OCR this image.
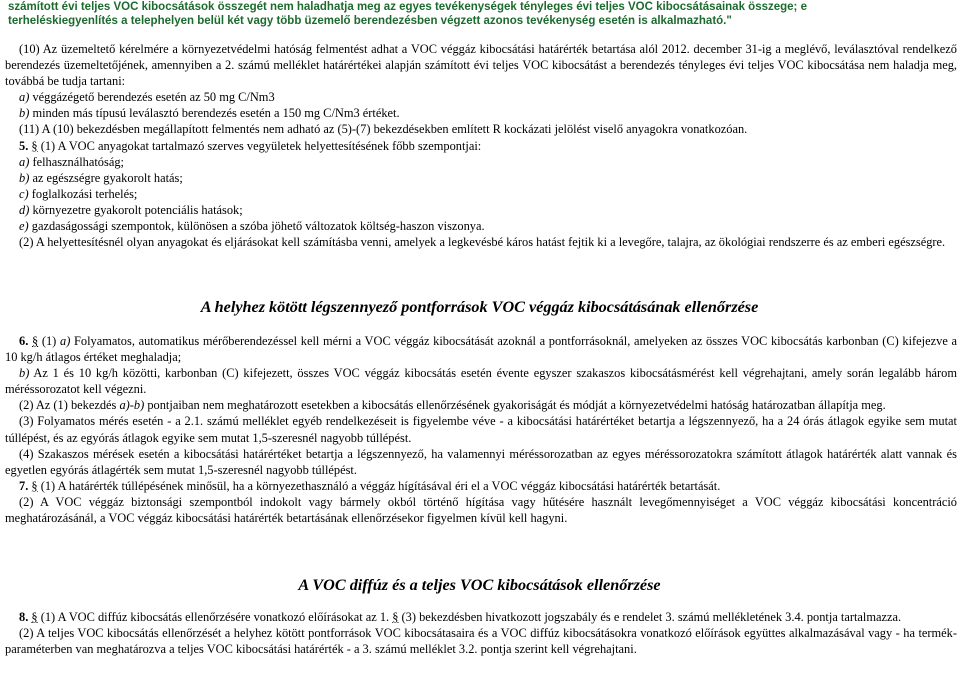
számított évi teljes VOC kibocsátások összegét nem haladhatja meg az egyes tevékenységek tényleges évi teljes VOC kibocsátásainak összege; e
terheléskiegyenlítés a telephelyen belül két vagy több üzemelő berendezésben végzett azonos tevékenység esetén is alkalmazható."

(10) Az üzemeltető kérelmére a környezetvédelmi hatóság felmentést adhat a VOC véggáz kibocsátási határérték betartása alól 2012. december 31-ig a meglévő, leválasztóval rendelkező berendezés üzemeltetőjének, amennyiben a 2. számú melléklet határértékei alapján számított évi teljes VOC kibocsátást a berendezés tényleges évi teljes VOC kibocsátása nem haladja meg, továbbá be tudja tartani:

a) véggázégető berendezés esetén az 50 mg C/Nm3

b) minden más típusú leválasztó berendezés esetén a 150 mg C/Nm3 értéket.

(11) A (10) bekezdésben megállapított felmentés nem adható az (5)-(7) bekezdésekben említett R kockázati jelölést viselő anyagokra vonatkozóan.

5. § (1) A VOC anyagokat tartalmazó szerves vegyületek helyettesítésének főbb szempontjai:

a) felhasználhatóság;

b) az egészségre gyakorolt hatás;

c) foglalkozási terhelés;

d) környezetre gyakorolt potenciális hatások;

e) gazdaságossági szempontok, különösen a szóba jöhető változatok költség-haszon viszonya.

(2) A helyettesítésnél olyan anyagokat és eljárásokat kell számításba venni, amelyek a legkevésbé káros hatást fejtik ki a levegőre, talajra, az ökológiai rendszerre és az emberi egészségre.

A helyhez kötött légszennyező pontforrások VOC véggáz kibocsátásának ellenőrzése

6. § (1) a) Folyamatos, automatikus mérőberendezéssel kell mérni a VOC véggáz kibocsátását azoknál a pontforrásoknál, amelyeken az összes VOC kibocsátás karbonban (C) kifejezve a 10 kg/h átlagos értéket meghaladja;

b) Az 1 és 10 kg/h közötti, karbonban (C) kifejezett, összes VOC véggáz kibocsátás esetén évente egyszer szakaszos kibocsátásmérést kell végrehajtani, amely során legalább három méréssorozatot kell végezni.

(2) Az (1) bekezdés a)-b) pontjaiban nem meghatározott esetekben a kibocsátás ellenőrzésének gyakoriságát és módját a környezetvédelmi hatóság határozatban állapítja meg.

(3) Folyamatos mérés esetén - a 2.1. számú melléklet egyéb rendelkezéseit is figyelembe véve - a kibocsátási határértéket betartja a légszennyező, ha a 24 órás átlagok egyike sem mutat túllépést, és az egyórás átlagok egyike sem mutat 1,5-szeresnél nagyobb túllépést.

(4) Szakaszos mérések esetén a kibocsátási határértéket betartja a légszennyező, ha valamennyi méréssorozatban az egyes méréssorozatokra számított átlagok határérték alatt vannak és egyetlen egyórás átlagérték sem mutat 1,5-szeresnél nagyobb túllépést.

7. § (1) A határérték túllépésének minősül, ha a környezethasználó a véggáz hígításával éri el a VOC véggáz kibocsátási határérték betartását.

(2) A VOC véggáz biztonsági szempontból indokolt vagy bármely okból történő hígítása vagy hűtésére használt levegőmennyiséget a VOC véggáz kibocsátási koncentráció meghatározásánál, a VOC véggáz kibocsátási határérték betartásának ellenőrzésekor figyelmen kívül kell hagyni.

A VOC diffúz és a teljes VOC kibocsátások ellenőrzése

8. § (1) A VOC diffúz kibocsátás ellenőrzésére vonatkozó előírásokat az 1. § (3) bekezdésben hivatkozott jogszabály és e rendelet 3. számú mellékletének 3.4. pontja tartalmazza.

(2) A teljes VOC kibocsátás ellenőrzését a helyhez kötött pontforrások VOC kibocsátasaira és a VOC diffúz kibocsátásokra vonatkozó előírások együttes alkalmazásával vagy - ha termék-paraméterben van meghatározva a teljes VOC kibocsátási határérték - a 3. számú melléklet 3.2. pontja szerint kell végrehajtani.
